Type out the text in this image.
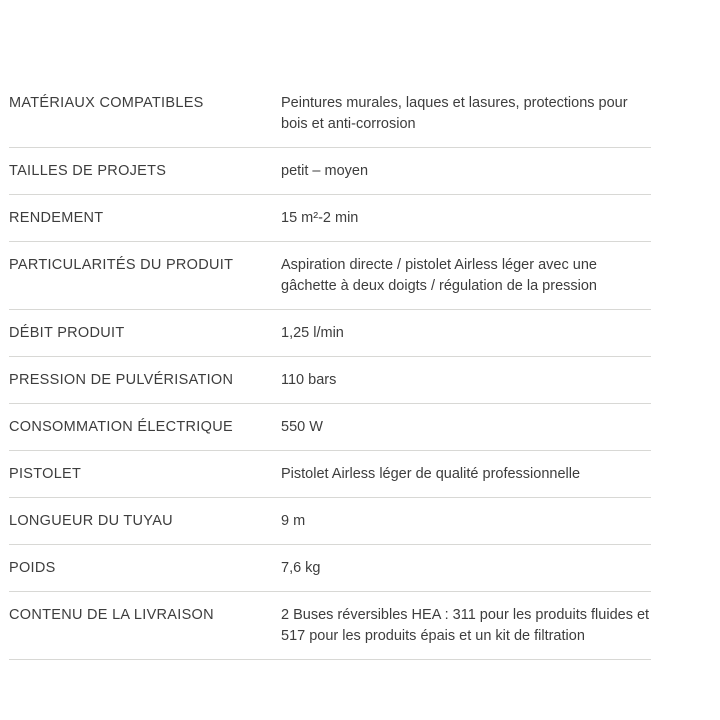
MATÉRIAUX COMPATIBLES	Peintures murales, laques et lasures, protections pour bois et anti-corrosion
TAILLES DE PROJETS	petit – moyen
RENDEMENT	15 m²-2 min
PARTICULARITÉS DU PRODUIT	Aspiration directe / pistolet Airless léger avec une gâchette à deux doigts / régulation de la pression
DÉBIT PRODUIT	1,25 l/min
PRESSION DE PULVÉRISATION	110 bars
CONSOMMATION ÉLECTRIQUE	550 W
PISTOLET	Pistolet Airless léger de qualité professionnelle
LONGUEUR DU TUYAU	9 m
POIDS	7,6 kg
CONTENU DE LA LIVRAISON	2 Buses réversibles HEA : 311 pour les produits fluides et 517 pour les produits épais et un kit de filtration
